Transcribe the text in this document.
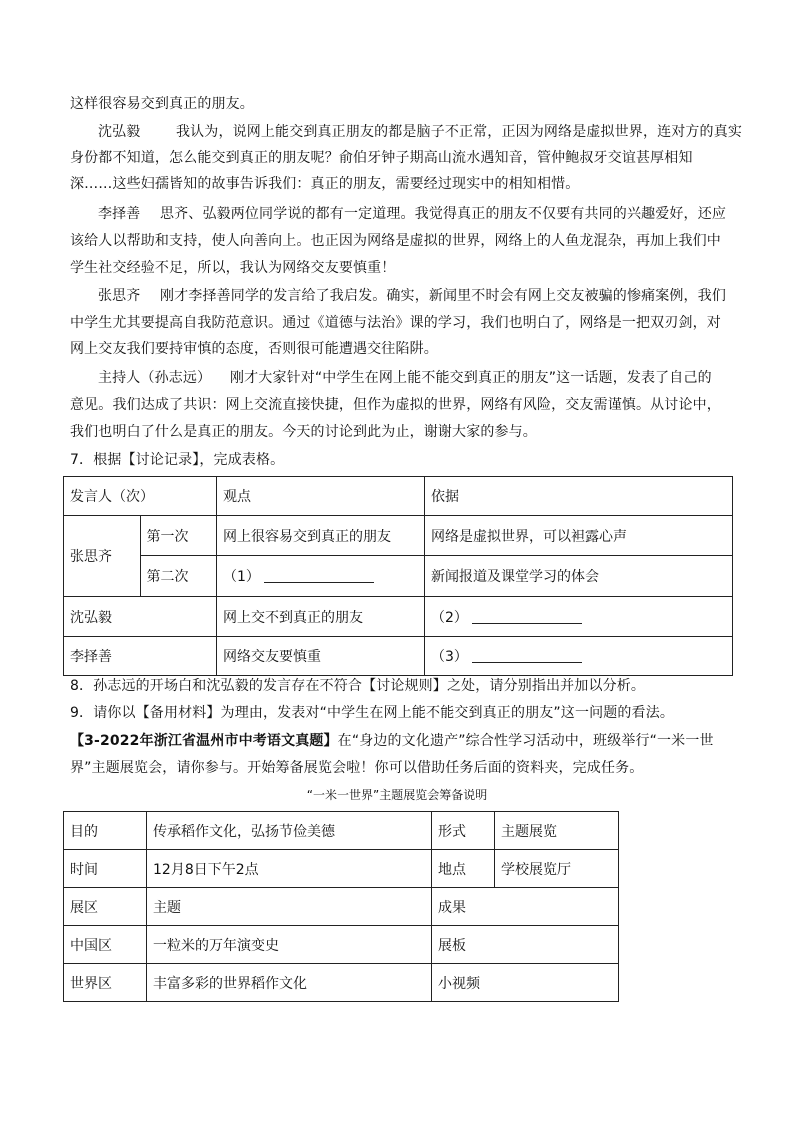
这样很容易交到真正的朋友。
沈弘毅	我认为，说网上能交到真正朋友的都是脑子不正常，正因为网络是虚拟世界，连对方的真实
身份都不知道，怎么能交到真正的朋友呢？俞伯牙钟子期高山流水遇知音，管仲鲍叔牙交谊甚厚相知
深……这些妇孺皆知的故事告诉我们：真正的朋友，需要经过现实中的相知相惜。
李择善 思齐、弘毅两位同学说的都有一定道理。我觉得真正的朋友不仅要有共同的兴趣爱好，还应
该给人以帮助和支持，使人向善向上。也正因为网络是虚拟的世界，网络上的人鱼龙混杂，再加上我们中
学生社交经验不足，所以，我认为网络交友要慎重！
张思齐 刚才李择善同学的发言给了我启发。确实，新闻里不时会有网上交友被骗的惨痛案例，我们
中学生尤其要提高自我防范意识。通过《道德与法治》课的学习，我们也明白了，网络是一把双刃剑，对
网上交友我们要持审慎的态度，否则很可能遭遇交往陷阱。
主持人（孙志远） 刚才大家针对“中学生在网上能不能交到真正的朋友”这一话题，发表了自己的
意见。我们达成了共识：网上交流直接快捷，但作为虚拟的世界，网络有风险，交友需谨慎。从讨论中，
我们也明白了什么是真正的朋友。今天的讨论到此为止，谢谢大家的参与。
7．根据【讨论记录】，完成表格。
发言人（次）		观点	依据
张思齐	第一次	网上很容易交到真正的朋友	网络是虚拟世界，可以袒露心声
	第二次	（1）	新闻报道及课堂学习的体会
沈弘毅		网上交不到真正的朋友	（2）
李择善		网络交友要慎重	（3）
8．孙志远的开场白和沈弘毅的发言存在不符合【讨论规则】之处，请分别指出并加以分析。
9．请你以【备用材料】为理由，发表对“中学生在网上能不能交到真正的朋友”这一问题的看法。
【3-2022年浙江省温州市中考语文真题】在“身边的文化遗产”综合性学习活动中，班级举行“一米一世
界”主题展览会，请你参与。开始筹备展览会啦！你可以借助任务后面的资料夹，完成任务。
“一米一世界”主题展览会筹备说明
目的	传承稻作文化，弘扬节俭美德	形式	主题展览
时间	12月8日下午2点	地点	学校展览厅
展区	主题	成果	
中国区	一粒米的万年演变史	展板	
世界区	丰富多彩的世界稻作文化	小视频	
